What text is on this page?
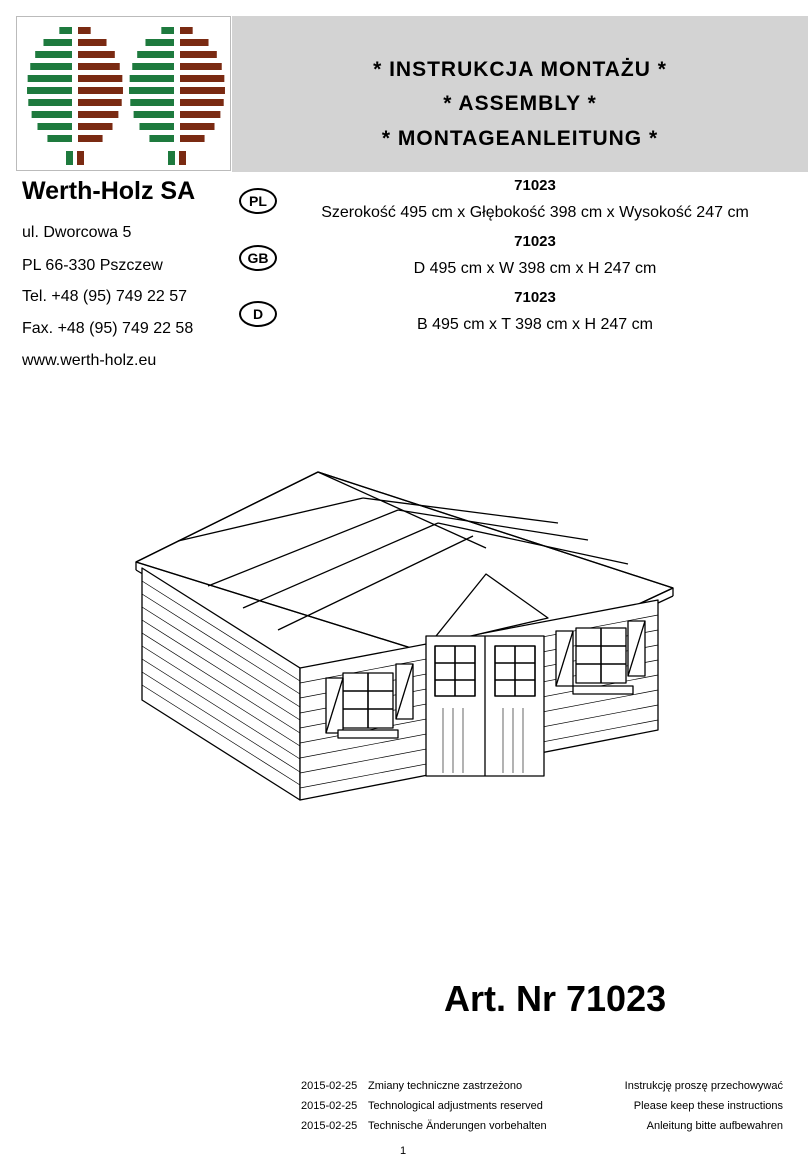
* INSTRUKCJA MONTAŻU *
* ASSEMBLY *
* MONTAGEANLEITUNG *
Werth-Holz SA
ul. Dworcowa 5
PL 66-330 Pszczew
Tel. +48 (95) 749 22 57
Fax. +48 (95) 749 22 58
www.werth-holz.eu
PL
GB
D
71023
Szerokość 495 cm x Głębokość 398 cm x Wysokość 247 cm
71023
D 495 cm x W 398 cm x H 247 cm
71023
B 495 cm x T 398 cm x H 247 cm
Art. Nr 71023
2015-02-25 Zmiany techniczne zastrzeżono	Instrukcję proszę przechowywać
2015-02-25 Technological adjustments reserved	Please keep these instructions
2015-02-25 Technische Änderungen vorbehalten	Anleitung bitte aufbewahren
1
